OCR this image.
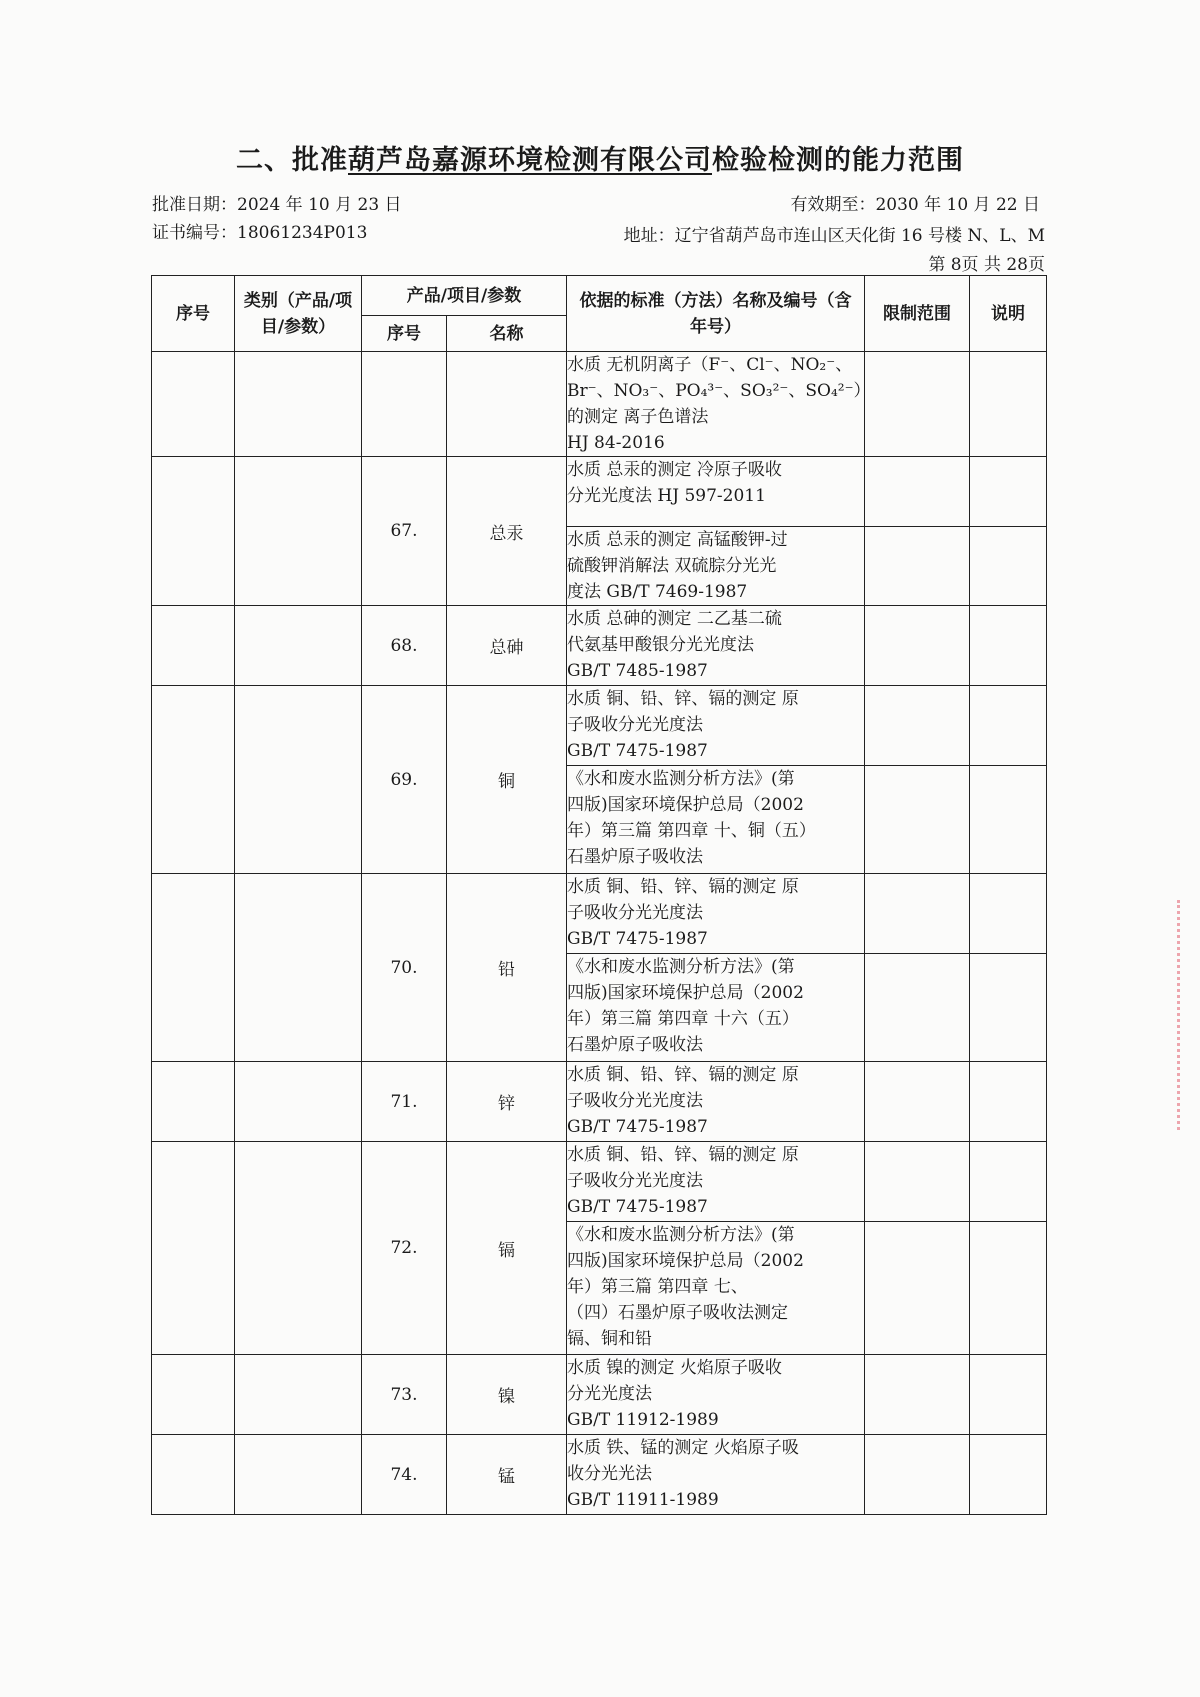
二、批准葫芦岛嘉源环境检测有限公司检验检测的能力范围
批准日期：2024 年 10 月 23 日	有效期至：2030 年 10 月 22 日
证书编号：18061234P013	地址：辽宁省葫芦岛市连山区天化街 16 号楼 N、L、M
第 8页 共 28页
序号	类别（产品/项目/参数）	产品/项目/参数		依据的标准（方法）名称及编号（含年号）	限制范围	说明
		序号	名称			

				水质 无机阴离子（F⁻、Cl⁻、NO₂⁻、
Br⁻、NO₃⁻、PO₄³⁻、SO₃²⁻、SO₄²⁻）
的测定 离子色谱法
HJ 84-2016		

		67.	总汞	水质 总汞的测定 冷原子吸收
分光光度法 HJ 597-2011		

				水质 总汞的测定 高锰酸钾-过
硫酸钾消解法 双硫腙分光光
度法 GB/T 7469-1987		

		68.	总砷	水质 总砷的测定 二乙基二硫
代氨基甲酸银分光光度法
GB/T 7485-1987		

		69.	铜	水质 铜、铅、锌、镉的测定 原
子吸收分光光度法
GB/T 7475-1987		

				《水和废水监测分析方法》(第
四版)国家环境保护总局（2002
年）第三篇 第四章 十、铜（五）
石墨炉原子吸收法		

		70.	铅	水质 铜、铅、锌、镉的测定 原
子吸收分光光度法
GB/T 7475-1987		

				《水和废水监测分析方法》(第
四版)国家环境保护总局（2002
年）第三篇 第四章 十六（五）
石墨炉原子吸收法		

		71.	锌	水质 铜、铅、锌、镉的测定 原
子吸收分光光度法
GB/T 7475-1987		

		72.	镉	水质 铜、铅、锌、镉的测定 原
子吸收分光光度法
GB/T 7475-1987		

				《水和废水监测分析方法》(第
四版)国家环境保护总局（2002
年）第三篇 第四章 七、
（四）石墨炉原子吸收法测定
镉、铜和铅		

		73.	镍	水质 镍的测定 火焰原子吸收
分光光度法
GB/T 11912-1989		

		74.	锰	水质 铁、锰的测定 火焰原子吸
收分光光法
GB/T 11911-1989		
